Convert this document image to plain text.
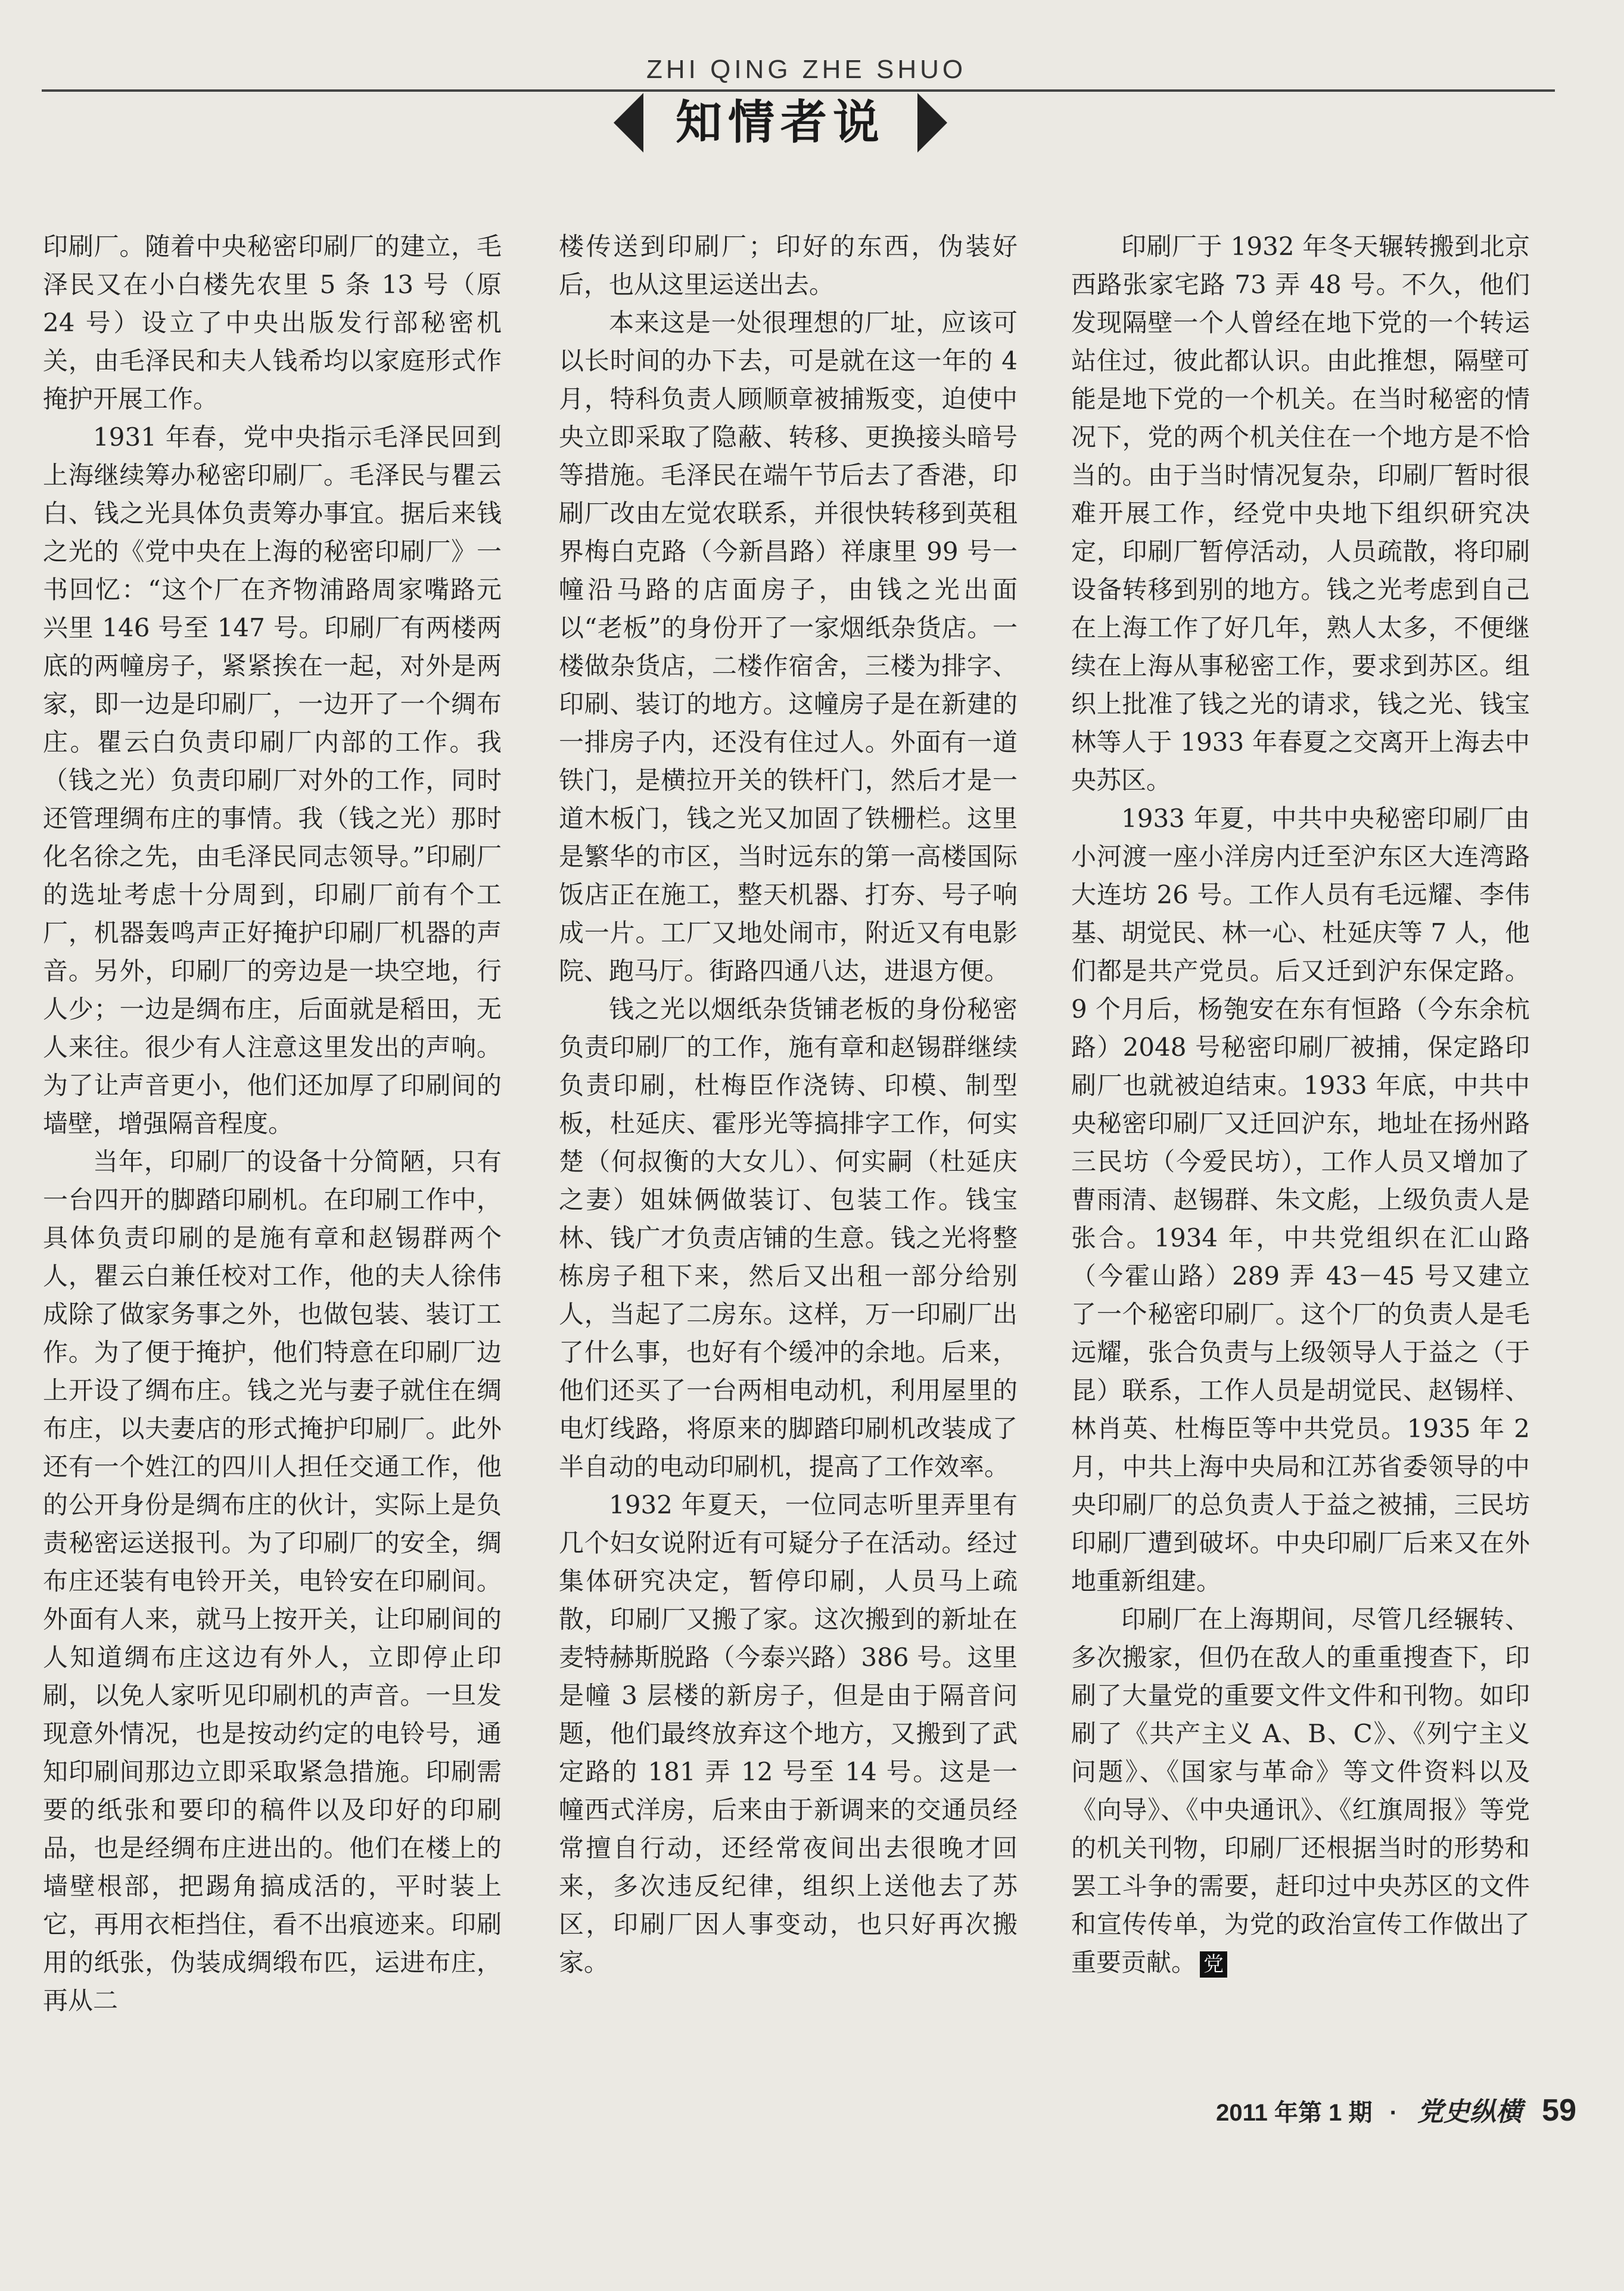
ZHI QING ZHE SHUO
知情者说

印刷厂。随着中央秘密印刷厂的建立，毛泽民又在小白楼先农里 5 条 13 号（原 24 号）设立了中央出版发行部秘密机关，由毛泽民和夫人钱希均以家庭形式作掩护开展工作。

1931 年春，党中央指示毛泽民回到上海继续筹办秘密印刷厂。毛泽民与瞿云白、钱之光具体负责筹办事宜。据后来钱之光的《党中央在上海的秘密印刷厂》一书回忆：“这个厂在齐物浦路周家嘴路元兴里 146 号至 147 号。印刷厂有两楼两底的两幢房子，紧紧挨在一起，对外是两家，即一边是印刷厂，一边开了一个绸布庄。瞿云白负责印刷厂内部的工作。我（钱之光）负责印刷厂对外的工作，同时还管理绸布庄的事情。我（钱之光）那时化名徐之先，由毛泽民同志领导。”印刷厂的选址考虑十分周到，印刷厂前有个工厂，机器轰鸣声正好掩护印刷厂机器的声音。另外，印刷厂的旁边是一块空地，行人少；一边是绸布庄，后面就是稻田，无人来往。很少有人注意这里发出的声响。为了让声音更小，他们还加厚了印刷间的墙壁，增强隔音程度。

当年，印刷厂的设备十分简陋，只有一台四开的脚踏印刷机。在印刷工作中，具体负责印刷的是施有章和赵锡群两个人，瞿云白兼任校对工作，他的夫人徐伟成除了做家务事之外，也做包装、装订工作。为了便于掩护，他们特意在印刷厂边上开设了绸布庄。钱之光与妻子就住在绸布庄，以夫妻店的形式掩护印刷厂。此外还有一个姓江的四川人担任交通工作，他的公开身份是绸布庄的伙计，实际上是负责秘密运送报刊。为了印刷厂的安全，绸布庄还装有电铃开关，电铃安在印刷间。外面有人来，就马上按开关，让印刷间的人知道绸布庄这边有外人，立即停止印刷，以免人家听见印刷机的声音。一旦发现意外情况，也是按动约定的电铃号，通知印刷间那边立即采取紧急措施。印刷需要的纸张和要印的稿件以及印好的印刷品，也是经绸布庄进出的。他们在楼上的墙壁根部，把踢角搞成活的，平时装上它，再用衣柜挡住，看不出痕迹来。印刷用的纸张，伪装成绸缎布匹，运进布庄，再从二

楼传送到印刷厂；印好的东西，伪装好后，也从这里运送出去。

本来这是一处很理想的厂址，应该可以长时间的办下去，可是就在这一年的 4 月，特科负责人顾顺章被捕叛变，迫使中央立即采取了隐蔽、转移、更换接头暗号等措施。毛泽民在端午节后去了香港，印刷厂改由左觉农联系，并很快转移到英租界梅白克路（今新昌路）祥康里 99 号一幢沿马路的店面房子，由钱之光出面以“老板”的身份开了一家烟纸杂货店。一楼做杂货店，二楼作宿舍，三楼为排字、印刷、装订的地方。这幢房子是在新建的一排房子内，还没有住过人。外面有一道铁门，是横拉开关的铁杆门，然后才是一道木板门，钱之光又加固了铁栅栏。这里是繁华的市区，当时远东的第一高楼国际饭店正在施工，整天机器、打夯、号子响成一片。工厂又地处闹市，附近又有电影院、跑马厅。街路四通八达，进退方便。

钱之光以烟纸杂货铺老板的身份秘密负责印刷厂的工作，施有章和赵锡群继续负责印刷，杜梅臣作浇铸、印模、制型板，杜延庆、霍彤光等搞排字工作，何实楚（何叔衡的大女儿）、何实嗣（杜延庆之妻）姐妹俩做装订、包装工作。钱宝林、钱广才负责店铺的生意。钱之光将整栋房子租下来，然后又出租一部分给别人，当起了二房东。这样，万一印刷厂出了什么事，也好有个缓冲的余地。后来，他们还买了一台两相电动机，利用屋里的电灯线路，将原来的脚踏印刷机改装成了半自动的电动印刷机，提高了工作效率。

1932 年夏天，一位同志听里弄里有几个妇女说附近有可疑分子在活动。经过集体研究决定，暂停印刷，人员马上疏散，印刷厂又搬了家。这次搬到的新址在麦特赫斯脱路（今泰兴路）386 号。这里是幢 3 层楼的新房子，但是由于隔音问题，他们最终放弃这个地方，又搬到了武定路的 181 弄 12 号至 14 号。这是一幢西式洋房，后来由于新调来的交通员经常擅自行动，还经常夜间出去很晚才回来，多次违反纪律，组织上送他去了苏区，印刷厂因人事变动，也只好再次搬家。

印刷厂于 1932 年冬天辗转搬到北京西路张家宅路 73 弄 48 号。不久，他们发现隔壁一个人曾经在地下党的一个转运站住过，彼此都认识。由此推想，隔壁可能是地下党的一个机关。在当时秘密的情况下，党的两个机关住在一个地方是不恰当的。由于当时情况复杂，印刷厂暂时很难开展工作，经党中央地下组织研究决定，印刷厂暂停活动，人员疏散，将印刷设备转移到别的地方。钱之光考虑到自己在上海工作了好几年，熟人太多，不便继续在上海从事秘密工作，要求到苏区。组织上批准了钱之光的请求，钱之光、钱宝林等人于 1933 年春夏之交离开上海去中央苏区。

1933 年夏，中共中央秘密印刷厂由小河渡一座小洋房内迁至沪东区大连湾路大连坊 26 号。工作人员有毛远耀、李伟基、胡觉民、林一心、杜延庆等 7 人，他们都是共产党员。后又迁到沪东保定路。9 个月后，杨匏安在东有恒路（今东余杭路）2048 号秘密印刷厂被捕，保定路印刷厂也就被迫结束。1933 年底，中共中央秘密印刷厂又迁回沪东，地址在扬州路三民坊（今爱民坊），工作人员又增加了曹雨清、赵锡群、朱文彪，上级负责人是张合。1934 年，中共党组织在汇山路（今霍山路）289 弄 43－45 号又建立了一个秘密印刷厂。这个厂的负责人是毛远耀，张合负责与上级领导人于益之（于昆）联系，工作人员是胡觉民、赵锡样、林肖英、杜梅臣等中共党员。1935 年 2 月，中共上海中央局和江苏省委领导的中央印刷厂的总负责人于益之被捕，三民坊印刷厂遭到破坏。中央印刷厂后来又在外地重新组建。

印刷厂在上海期间，尽管几经辗转、多次搬家，但仍在敌人的重重搜查下，印刷了大量党的重要文件文件和刊物。如印刷了《共产主义 A、B、C》、《列宁主义问题》、《国家与革命》等文件资料以及《向导》、《中央通讯》、《红旗周报》等党的机关刊物，印刷厂还根据当时的形势和罢工斗争的需要，赶印过中央苏区的文件和宣传传单，为党的政治宣传工作做出了重要贡献。 党

2011 年第 1 期 · 党史纵横 59
